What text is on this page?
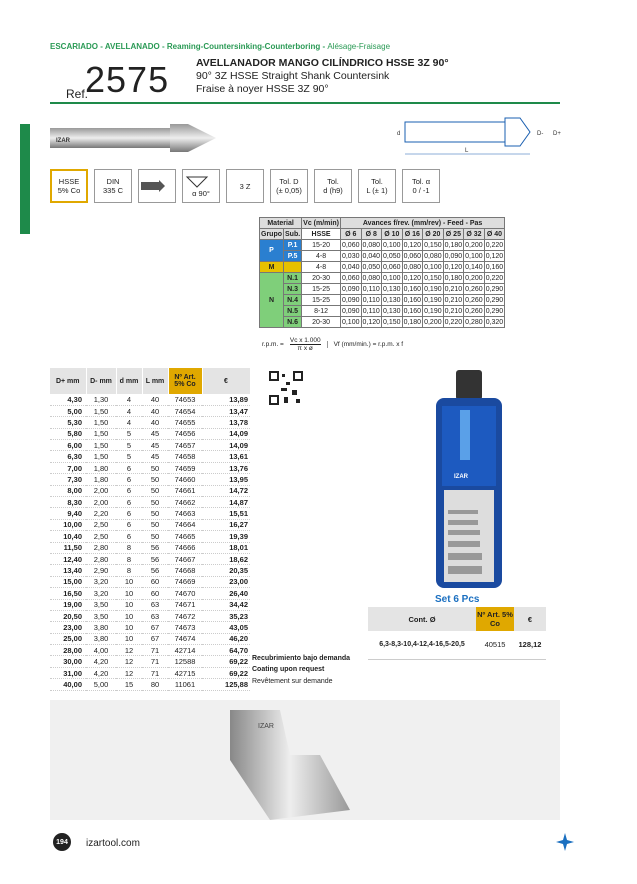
ESCARIADO - AVELLANADO - Reaming-Countersinking-Counterboring - Alésage-Fraisage
Ref.
2575	AVELLANADOR MANGO CILÍNDRICO HSSE 3Z 90°
90° 3Z HSSE Straight Shank Countersink
Fraise à noyer HSSE 3Z 90°
IZAR
L
d	D- D+
HSSE
5% Co
DIN
335 C	α 90°
3 Z	Tol. D
(± 0,05)
Tol.
d (h9)
Tol.
L (± 1)
Tol. α
0 / -1
Material		Vc (m/min)	Avances f/rev. (mm/rev) - Feed - Pas							
Grupo	Sub.	HSSE	Ø 6	Ø 8	Ø 10	Ø 16	Ø 20	Ø 25	Ø 32	Ø 40
P	P.1	15-20	0,060	0,080	0,100	0,120	0,150	0,180	0,200	0,220
	P.5	4-8	0,030	0,040	0,050	0,060	0,080	0,090	0,100	0,120
M		4-8	0,040	0,050	0,060	0,080	0,100	0,120	0,140	0,160
N	N.1	20-30	0,060	0,080	0,100	0,120	0,150	0,180	0,200	0,220
	N.3	15-25	0,090	0,110	0,130	0,160	0,190	0,210	0,260	0,290
	N.4	15-25	0,090	0,110	0,130	0,160	0,190	0,210	0,260	0,290
	N.5	8-12	0,090	0,110	0,130	0,160	0,190	0,210	0,260	0,290
	N.6	20-30	0,100	0,120	0,150	0,180	0,200	0,220	0,280	0,320
r.p.m. = $\frac{\text{Vc x 1.000}}{\text{π x ø}}$	Vf (mm/min.) = r.p.m. x f
D+ mm	D- mm	d mm	L mm	Nº Art. 5% Co	€
4,30	1,30	4	40	74653	13,89
5,00	1,50	4	40	74654	13,47
5,30	1,50	4	40	74655	13,78
5,80	1,50	5	45	74656	14,09
6,00	1,50	5	45	74657	14,09
6,30	1,50	5	45	74658	13,61
7,00	1,80	6	50	74659	13,76
7,30	1,80	6	50	74660	13,95
8,00	2,00	6	50	74661	14,72
8,30	2,00	6	50	74662	14,87
9,40	2,20	6	50	74663	15,51
10,00	2,50	6	50	74664	16,27
10,40	2,50	6	50	74665	19,39
11,50	2,80	8	56	74666	18,01
12,40	2,80	8	56	74667	18,62
13,40	2,90	8	56	74668	20,35
15,00	3,20	10	60	74669	23,00
16,50	3,20	10	60	74670	26,40
19,00	3,50	10	63	74671	34,42
20,50	3,50	10	63	74672	35,23
23,00	3,80	10	67	74673	43,05
25,00	3,80	10	67	74674	46,20
28,00	4,00	12	71	42714	64,70
30,00	4,20	12	71	12588	69,22
31,00	4,20	12	71	42715	69,22
40,00	5,00	15	80	11061	125,88
Recubrimiento bajo demanda
Coating upon request
Revêtement sur demande
IZAR
Set 6 Pcs
Cont. Ø	Nº Art. 5% Co	€
6,3-8,3-10,4-12,4-16,5-20,5	40515	128,12
IZAR
194	izartool.com
